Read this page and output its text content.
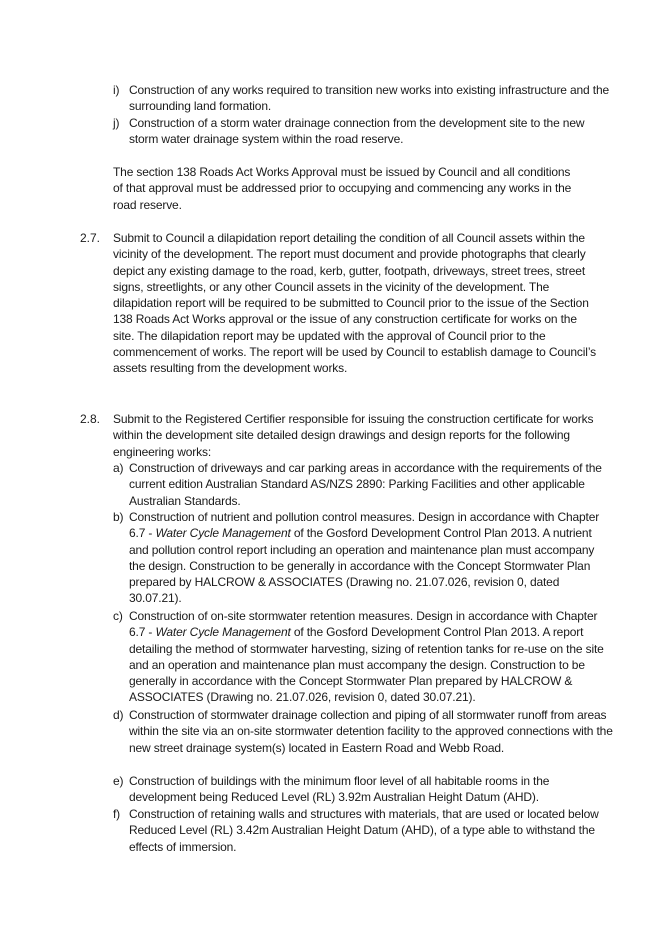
i) Construction of any works required to transition new works into existing infrastructure and the surrounding land formation.

j) Construction of a storm water drainage connection from the development site to the new storm water drainage system within the road reserve.

The section 138 Roads Act Works Approval must be issued by Council and all conditions of that approval must be addressed prior to occupying and commencing any works in the road reserve.

2.7. Submit to Council a dilapidation report detailing the condition of all Council assets within the vicinity of the development. The report must document and provide photographs that clearly depict any existing damage to the road, kerb, gutter, footpath, driveways, street trees, street signs, streetlights, or any other Council assets in the vicinity of the development. The dilapidation report will be required to be submitted to Council prior to the issue of the Section 138 Roads Act Works approval or the issue of any construction certificate for works on the site. The dilapidation report may be updated with the approval of Council prior to the commencement of works. The report will be used by Council to establish damage to Council’s assets resulting from the development works.

2.8. Submit to the Registered Certifier responsible for issuing the construction certificate for works within the development site detailed design drawings and design reports for the following engineering works:

a) Construction of driveways and car parking areas in accordance with the requirements of the current edition Australian Standard AS/NZS 2890: Parking Facilities and other applicable Australian Standards.

b) Construction of nutrient and pollution control measures. Design in accordance with Chapter 6.7 - Water Cycle Management of the Gosford Development Control Plan 2013. A nutrient and pollution control report including an operation and maintenance plan must accompany the design. Construction to be generally in accordance with the Concept Stormwater Plan prepared by HALCROW & ASSOCIATES (Drawing no. 21.07.026, revision 0, dated 30.07.21).

c) Construction of on-site stormwater retention measures. Design in accordance with Chapter 6.7 - Water Cycle Management of the Gosford Development Control Plan 2013. A report detailing the method of stormwater harvesting, sizing of retention tanks for re-use on the site and an operation and maintenance plan must accompany the design. Construction to be generally in accordance with the Concept Stormwater Plan prepared by HALCROW & ASSOCIATES (Drawing no. 21.07.026, revision 0, dated 30.07.21).

d) Construction of stormwater drainage collection and piping of all stormwater runoff from areas within the site via an on-site stormwater detention facility to the approved connections with the new street drainage system(s) located in Eastern Road and Webb Road.

e) Construction of buildings with the minimum floor level of all habitable rooms in the development being Reduced Level (RL) 3.92m Australian Height Datum (AHD).

f) Construction of retaining walls and structures with materials, that are used or located below Reduced Level (RL) 3.42m Australian Height Datum (AHD), of a type able to withstand the effects of immersion.
